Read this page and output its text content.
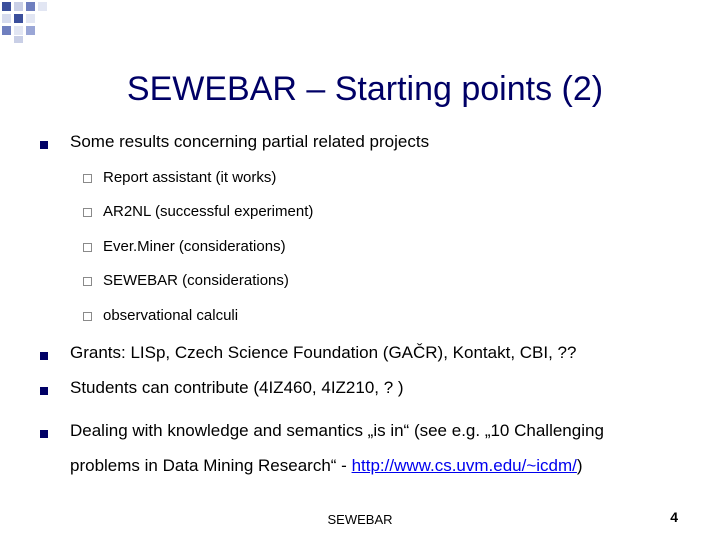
SEWEBAR – Starting points (2)
Some results concerning partial related projects
Report assistant (it works)
AR2NL (successful experiment)
Ever.Miner (considerations)
SEWEBAR (considerations)
observational calculi
Grants: LISp, Czech Science Foundation (GAČR), Kontakt, CBI, ??
Students can contribute (4IZ460, 4IZ210, ? )
Dealing with knowledge and semantics „is in“ (see e.g. „10 Challenging
problems in Data Mining Research“ - http://www.cs.uvm.edu/~icdm/)
SEWEBAR	4
